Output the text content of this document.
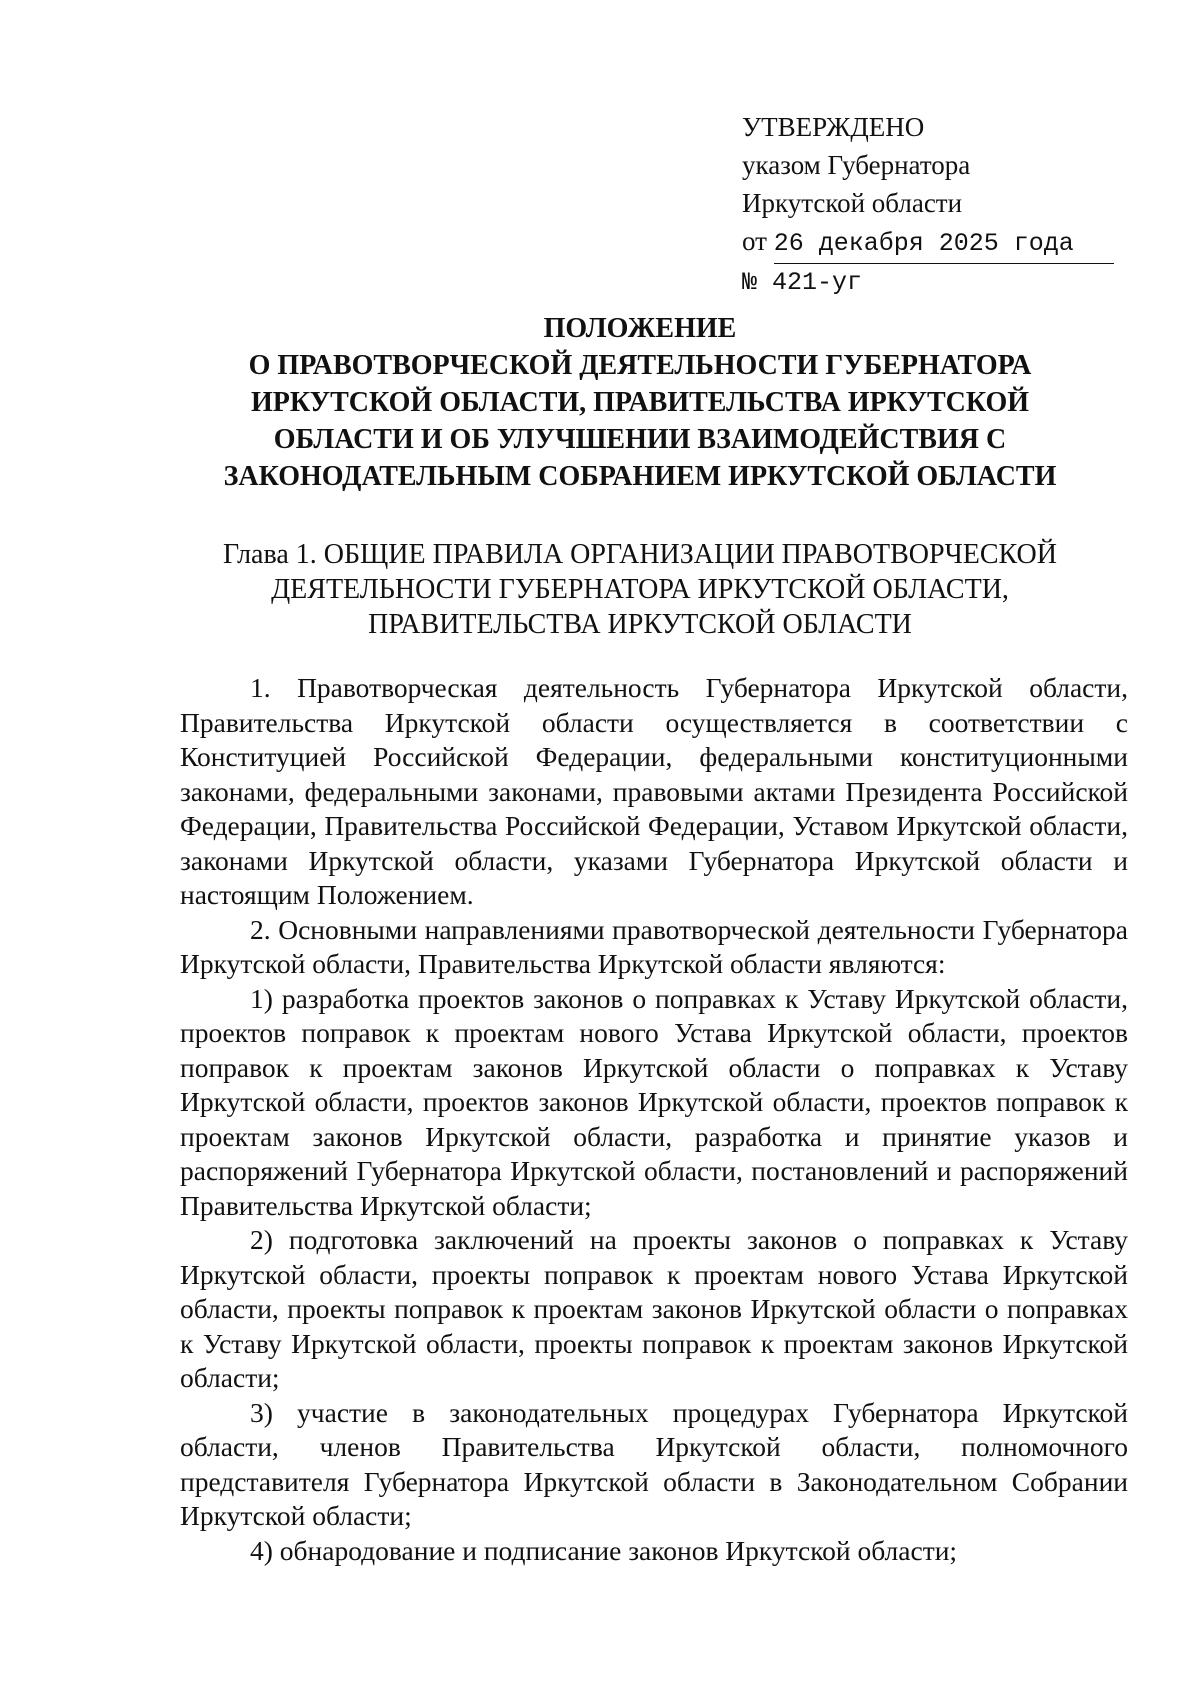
УТВЕРЖДЕНО
указом Губернатора
Иркутской области
от 26 декабря 2025 года
№ 421-уг
ПОЛОЖЕНИЕ
О ПРАВОТВОРЧЕСКОЙ ДЕЯТЕЛЬНОСТИ ГУБЕРНАТОРА
ИРКУТСКОЙ ОБЛАСТИ, ПРАВИТЕЛЬСТВА ИРКУТСКОЙ
ОБЛАСТИ И ОБ УЛУЧШЕНИИ ВЗАИМОДЕЙСТВИЯ С
ЗАКОНОДАТЕЛЬНЫМ СОБРАНИЕМ ИРКУТСКОЙ ОБЛАСТИ
Глава 1. ОБЩИЕ ПРАВИЛА ОРГАНИЗАЦИИ ПРАВОТВОРЧЕСКОЙ
ДЕЯТЕЛЬНОСТИ ГУБЕРНАТОРА ИРКУТСКОЙ ОБЛАСТИ,
ПРАВИТЕЛЬСТВА ИРКУТСКОЙ ОБЛАСТИ

1. Правотворческая деятельность Губернатора Иркутской области, Правительства Иркутской области осуществляется в соответствии с Конституцией Российской Федерации, федеральными конституционными законами, федеральными законами, правовыми актами Президента Российской Федерации, Правительства Российской Федерации, Уставом Иркутской области, законами Иркутской области, указами Губернатора Иркутской области и настоящим Положением.

2. Основными направлениями правотворческой деятельности Губернатора Иркутской области, Правительства Иркутской области являются:

1) разработка проектов законов о поправках к Уставу Иркутской области, проектов поправок к проектам нового Устава Иркутской области, проектов поправок к проектам законов Иркутской области о поправках к Уставу Иркутской области, проектов законов Иркутской области, проектов поправок к проектам законов Иркутской области, разработка и принятие указов и распоряжений Губернатора Иркутской области, постановлений и распоряжений Правительства Иркутской области;

2) подготовка заключений на проекты законов о поправках к Уставу Иркутской области, проекты поправок к проектам нового Устава Иркутской области, проекты поправок к проектам законов Иркутской области о поправках к Уставу Иркутской области, проекты поправок к проектам законов Иркутской области;

3) участие в законодательных процедурах Губернатора Иркутской области, членов Правительства Иркутской области, полномочного представителя Губернатора Иркутской области в Законодательном Собрании Иркутской области;

4) обнародование и подписание законов Иркутской области;
